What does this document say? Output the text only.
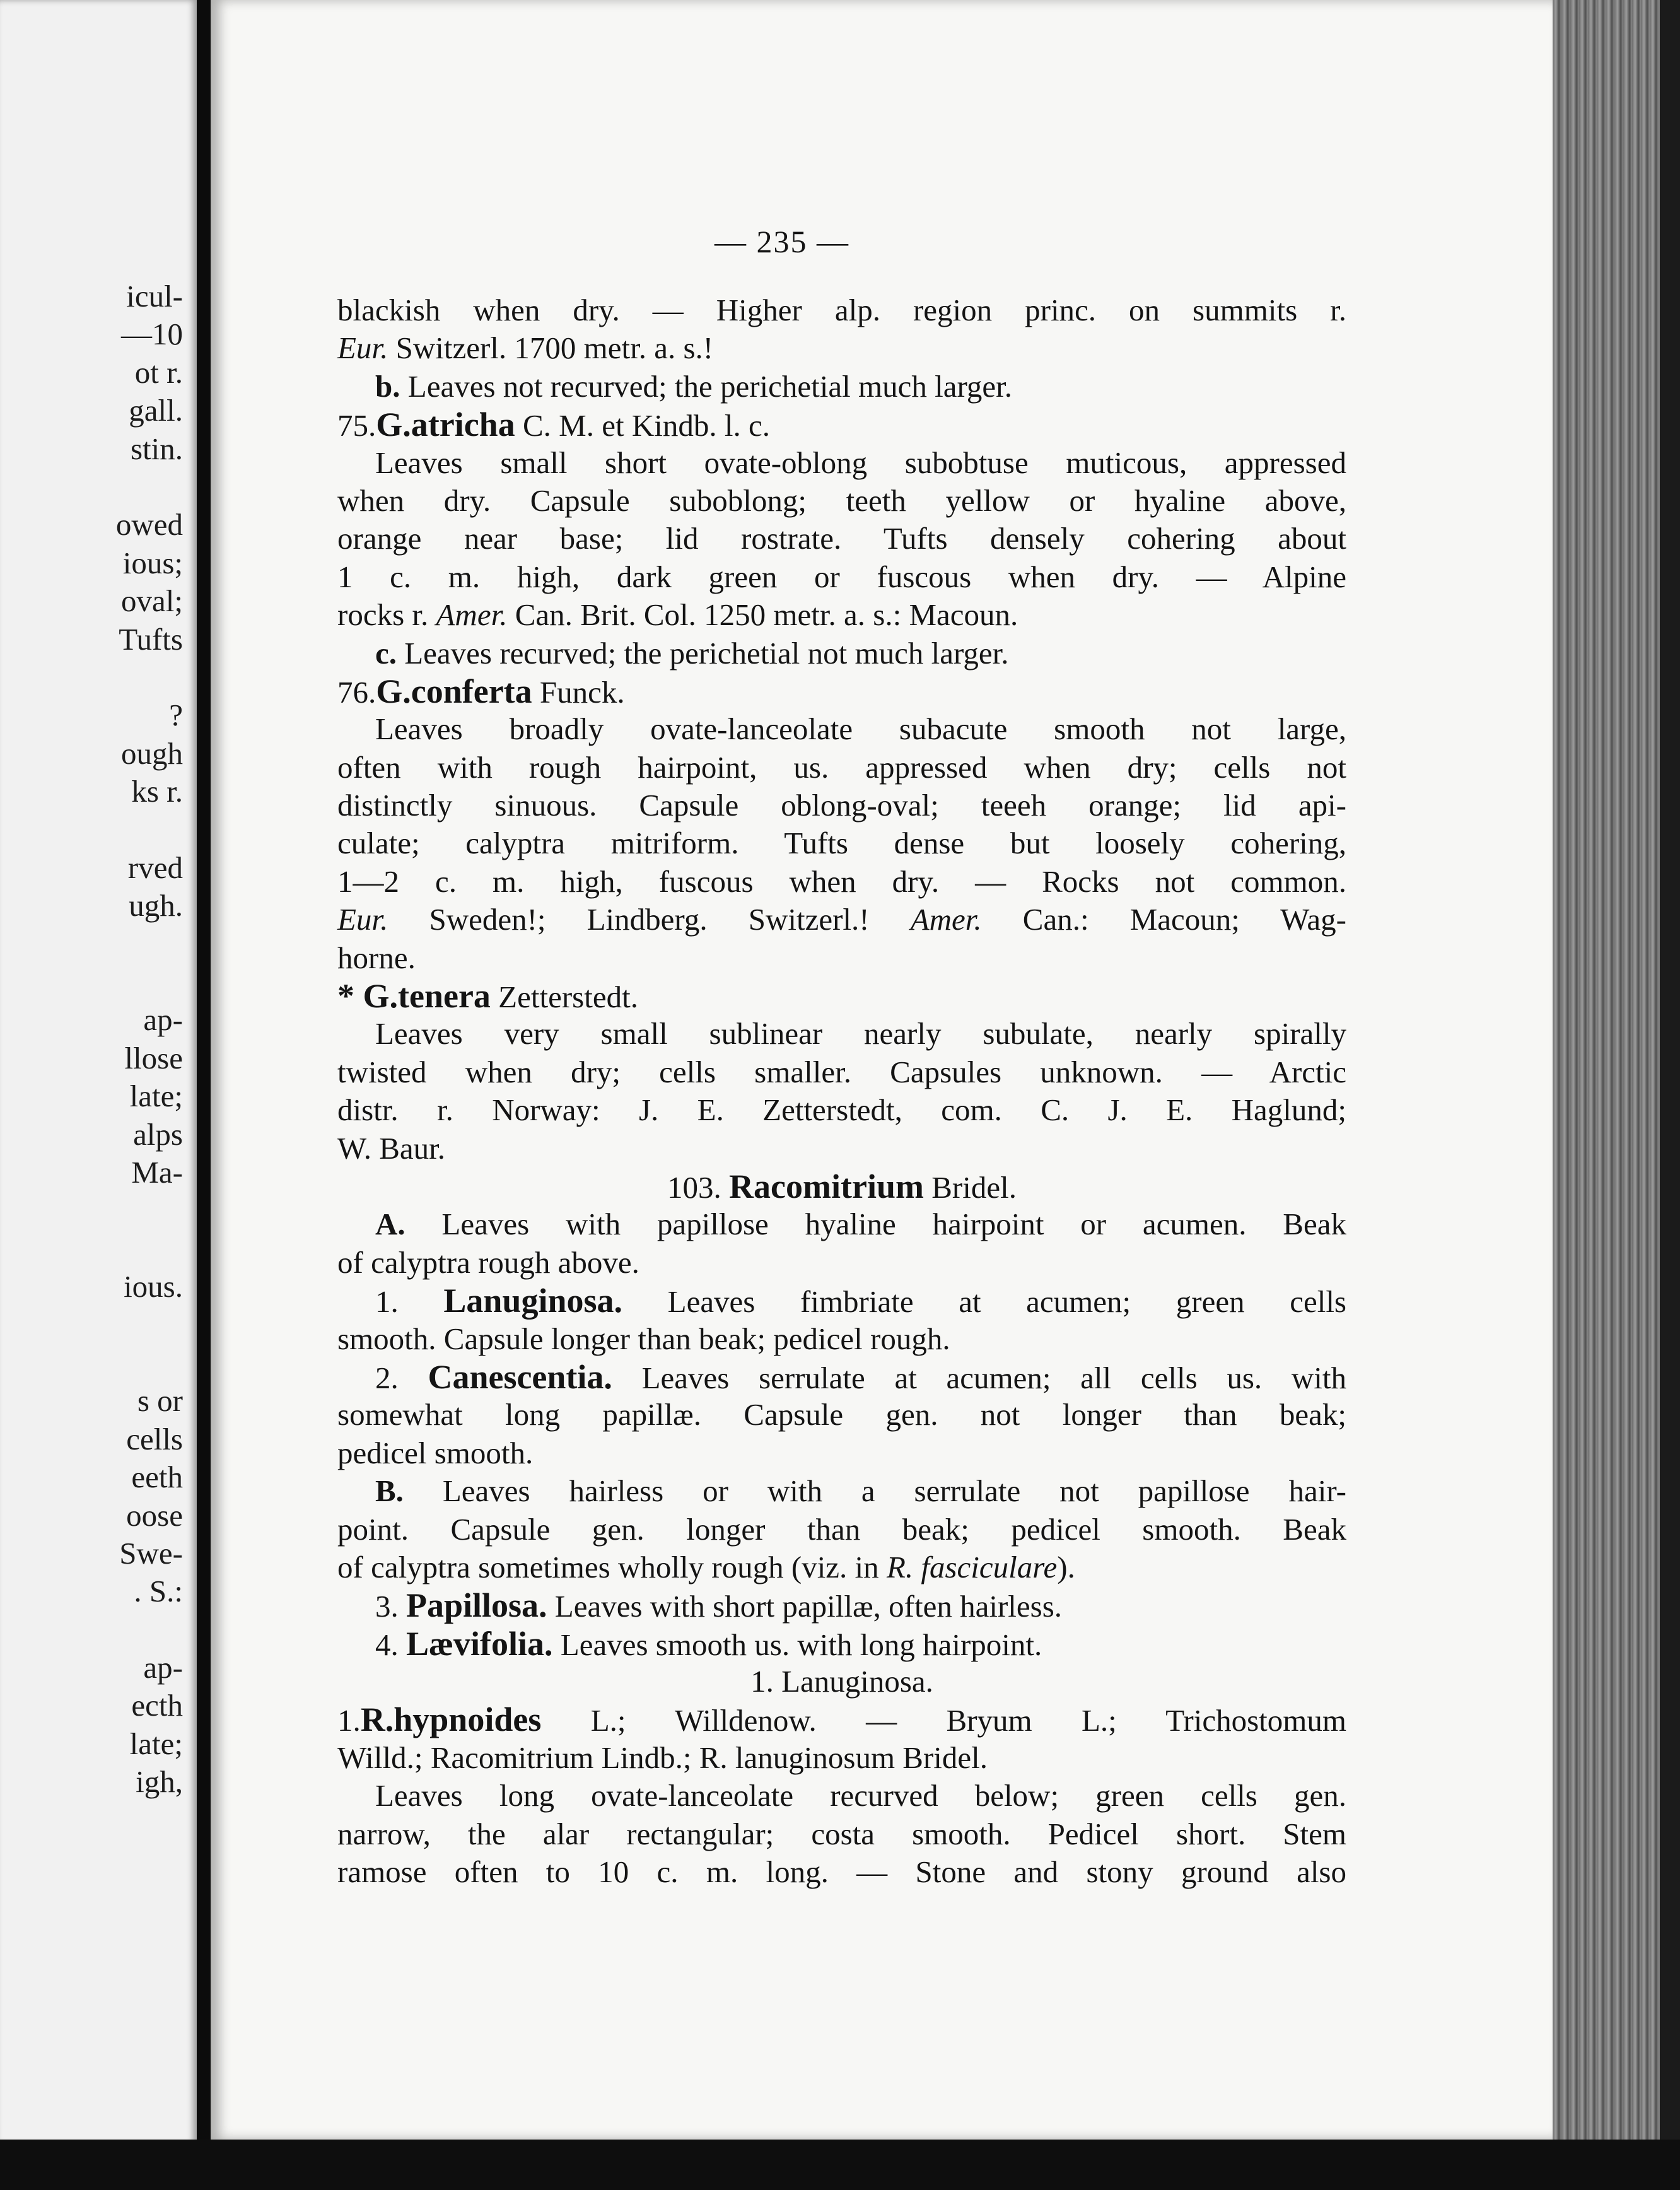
icul-
—10
ot r.
gall.
stin.
owed
ious;
oval;
Tufts
?
ough
ks r.
rved
ugh.
ap-
llose
late;
alps
Ma-
ious.
s or
cells
eeth
oose
Swe-
. S.:
ap-
ecth
late;
igh,
— 235 —
blackish when dry. — Higher alp. region princ. on summits r.
Eur. Switzerl. 1700 metr. a. s.!
b. Leaves not recurved; the perichetial much larger.
75.G.atricha C. M. et Kindb. l. c.
Leaves small short ovate-oblong subobtuse muticous, appressed
when dry. Capsule suboblong; teeth yellow or hyaline above,
orange near base; lid rostrate. Tufts densely cohering about
1 c. m. high, dark green or fuscous when dry. — Alpine
rocks r. Amer. Can. Brit. Col. 1250 metr. a. s.: Macoun.
c. Leaves recurved; the perichetial not much larger.
76.G.conferta Funck.
Leaves broadly ovate-lanceolate subacute smooth not large,
often with rough hairpoint, us. appressed when dry; cells not
distinctly sinuous. Capsule oblong-oval; teeeh orange; lid api-
culate; calyptra mitriform. Tufts dense but loosely cohering,
1—2 c. m. high, fuscous when dry. — Rocks not common.
Eur. Sweden!; Lindberg. Switzerl.! Amer. Can.: Macoun; Wag-
horne.
* G.tenera Zetterstedt.
Leaves very small sublinear nearly subulate, nearly spirally
twisted when dry; cells smaller. Capsules unknown. — Arctic
distr. r. Norway: J. E. Zetterstedt, com. C. J. E. Haglund;
W. Baur.
103. Racomitrium Bridel.
A. Leaves with papillose hyaline hairpoint or acumen. Beak
of calyptra rough above.
1. Lanuginosa. Leaves fimbriate at acumen; green cells
smooth. Capsule longer than beak; pedicel rough.
2. Canescentia. Leaves serrulate at acumen; all cells us. with
somewhat long papillæ. Capsule gen. not longer than beak;
pedicel smooth.
B. Leaves hairless or with a serrulate not papillose hair-
point. Capsule gen. longer than beak; pedicel smooth. Beak
of calyptra sometimes wholly rough (viz. in R. fasciculare).
3. Papillosa. Leaves with short papillæ, often hairless.
4. Lævifolia. Leaves smooth us. with long hairpoint.
1. Lanuginosa.
1.R.hypnoides L.; Willdenow. — Bryum L.; Trichostomum
Willd.; Racomitrium Lindb.; R. lanuginosum Bridel.
Leaves long ovate-lanceolate recurved below; green cells gen.
narrow, the alar rectangular; costa smooth. Pedicel short. Stem
ramose often to 10 c. m. long. — Stone and stony ground also
